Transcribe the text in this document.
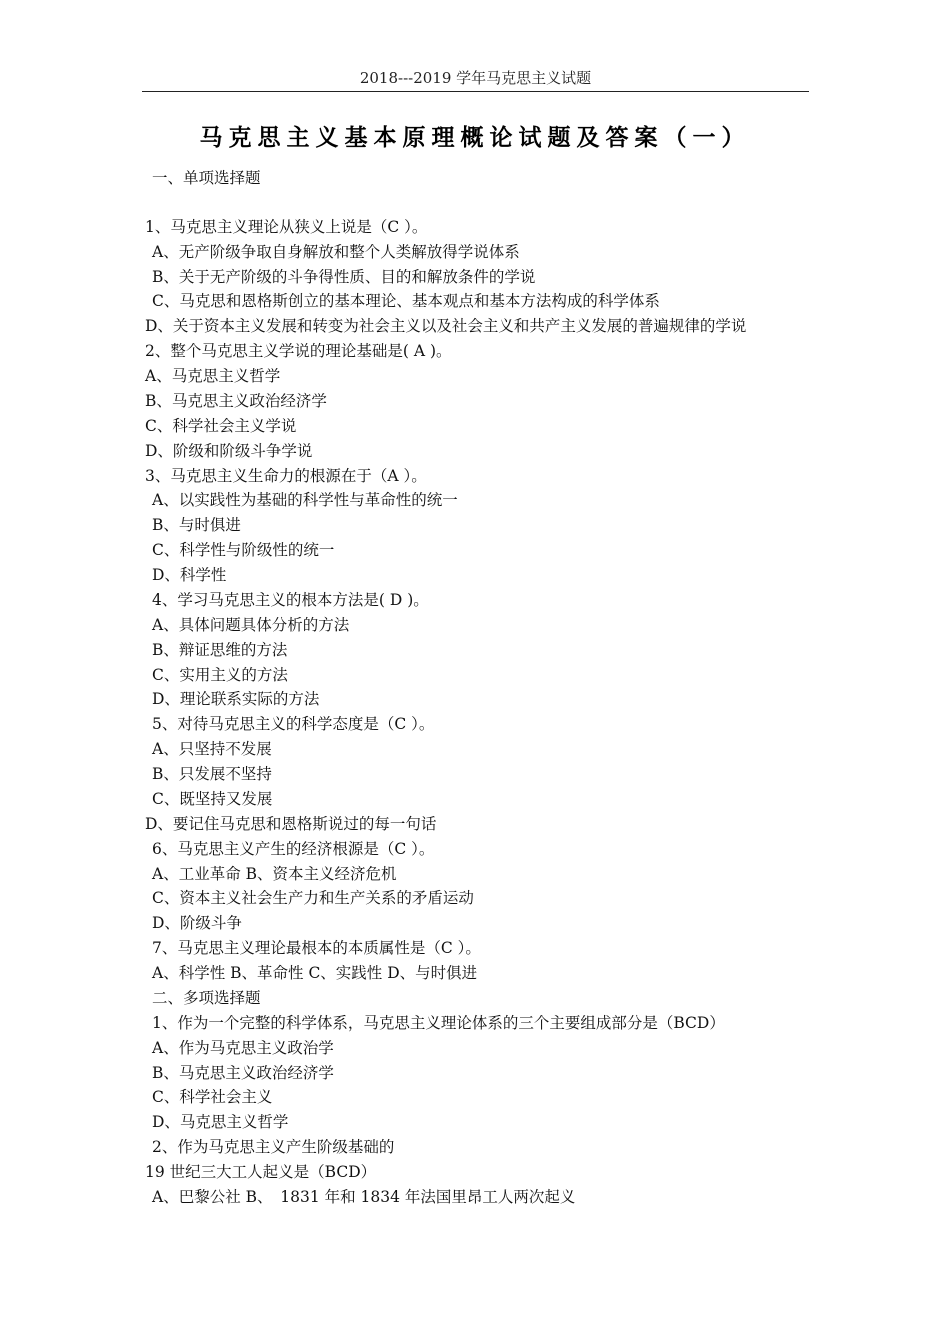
2018---2019 学年马克思主义试题
马克思主义基本原理概论试题及答案（一）
一、单项选择题
1、马克思主义理论从狭义上说是（C ）。
A、无产阶级争取自身解放和整个人类解放得学说体系
B、关于无产阶级的斗争得性质、目的和解放条件的学说
C、马克思和恩格斯创立的基本理论、基本观点和基本方法构成的科学体系
D、关于资本主义发展和转变为社会主义以及社会主义和共产主义发展的普遍规律的学说
2、整个马克思主义学说的理论基础是( A )。
A、马克思主义哲学
B、马克思主义政治经济学
C、科学社会主义学说
D、阶级和阶级斗争学说
3、马克思主义生命力的根源在于（A ）。
A、以实践性为基础的科学性与革命性的统一
B、与时俱进
C、科学性与阶级性的统一
D、科学性
4、学习马克思主义的根本方法是( D )。
A、具体问题具体分析的方法
B、辩证思维的方法
C、实用主义的方法
D、理论联系实际的方法
5、对待马克思主义的科学态度是（C ）。
A、只坚持不发展
B、只发展不坚持
C、既坚持又发展
D、要记住马克思和恩格斯说过的每一句话
6、马克思主义产生的经济根源是（C ）。
A、工业革命 B、资本主义经济危机
C、资本主义社会生产力和生产关系的矛盾运动
D、阶级斗争
7、马克思主义理论最根本的本质属性是（C ）。
A、科学性 B、革命性 C、实践性 D、与时俱进
二、多项选择题
1、作为一个完整的科学体系，马克思主义理论体系的三个主要组成部分是（BCD）
A、作为马克思主义政治学
B、马克思主义政治经济学
C、科学社会主义
D、马克思主义哲学
2、作为马克思主义产生阶级基础的
19 世纪三大工人起义是（BCD）
A、巴黎公社 B、　1831 年和 1834 年法国里昂工人两次起义
